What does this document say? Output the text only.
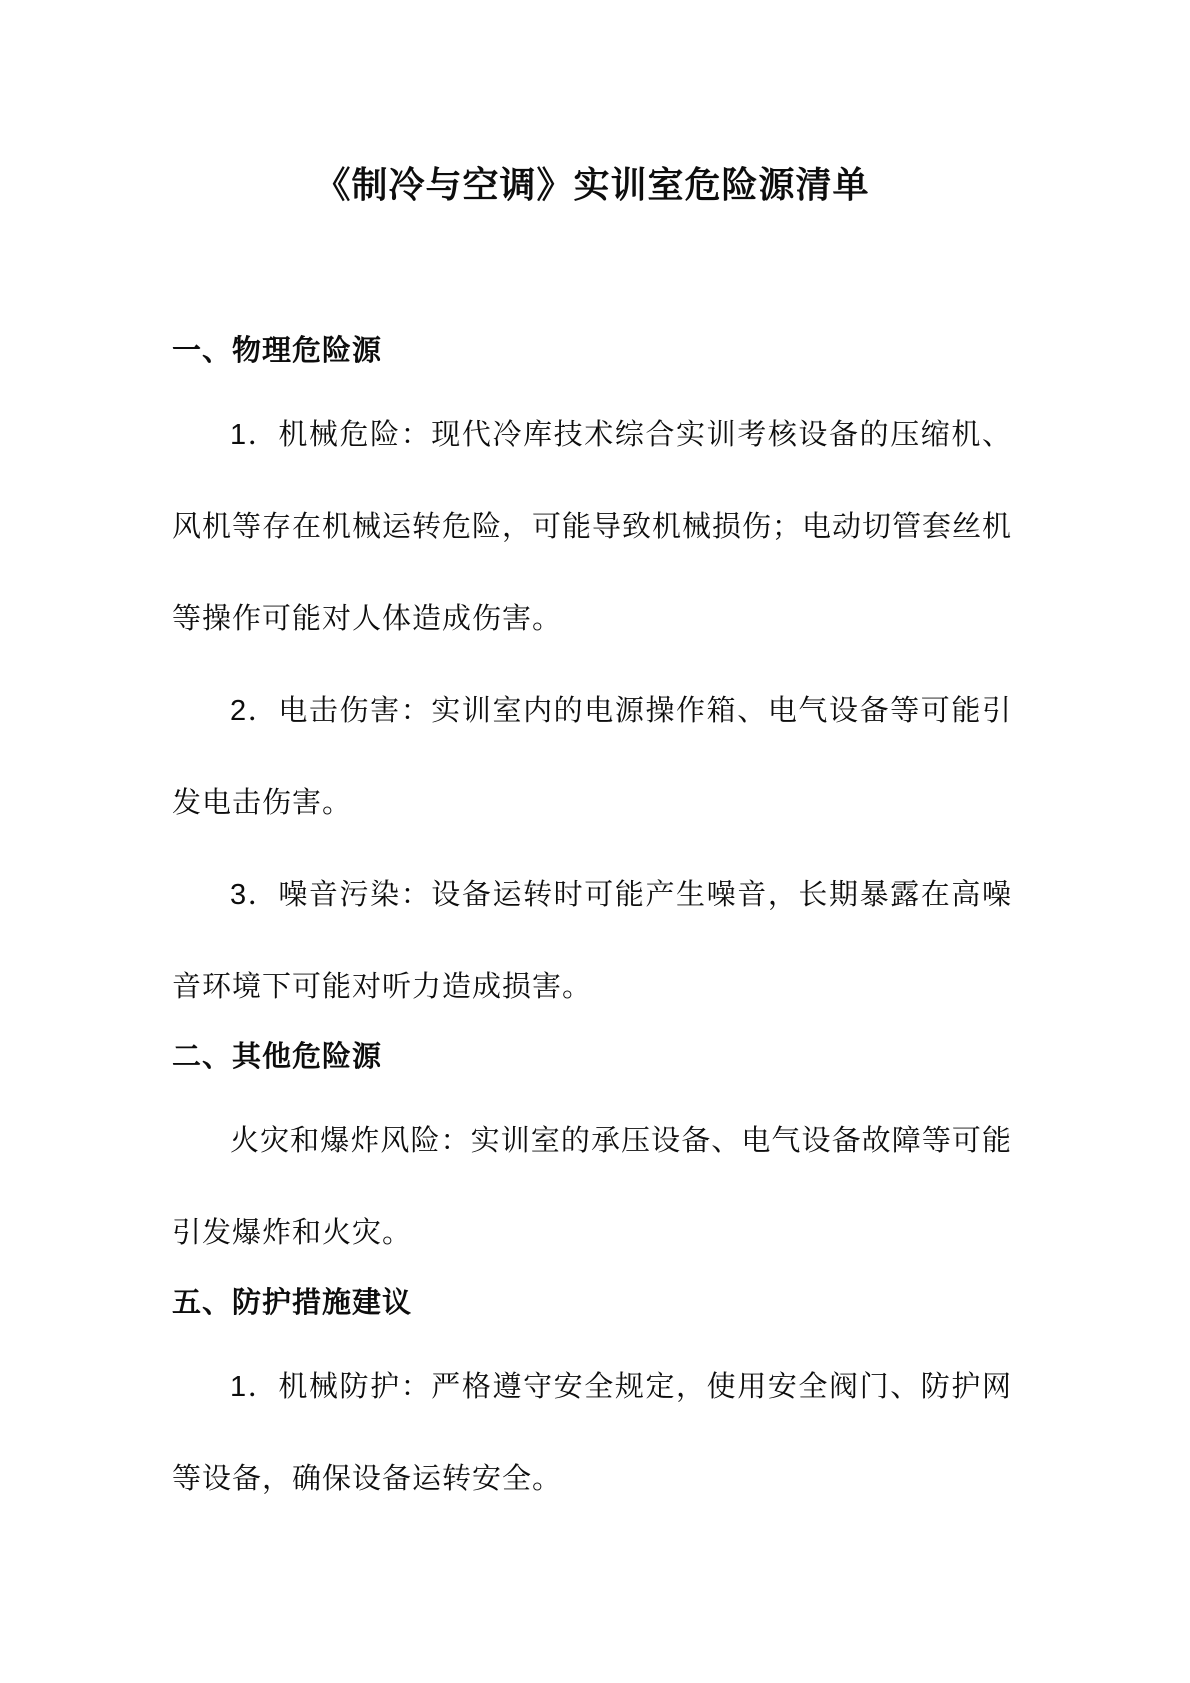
《制冷与空调》实训室危险源清单
一、物理危险源

1．机械危险：现代冷库技术综合实训考核设备的压缩机、风机等存在机械运转危险，可能导致机械损伤；电动切管套丝机等操作可能对人体造成伤害。

2．电击伤害：实训室内的电源操作箱、电气设备等可能引发电击伤害。

3．噪音污染：设备运转时可能产生噪音，长期暴露在高噪音环境下可能对听力造成损害。

二、其他危险源

火灾和爆炸风险：实训室的承压设备、电气设备故障等可能引发爆炸和火灾。

五、防护措施建议

1．机械防护：严格遵守安全规定，使用安全阀门、防护网等设备，确保设备运转安全。
